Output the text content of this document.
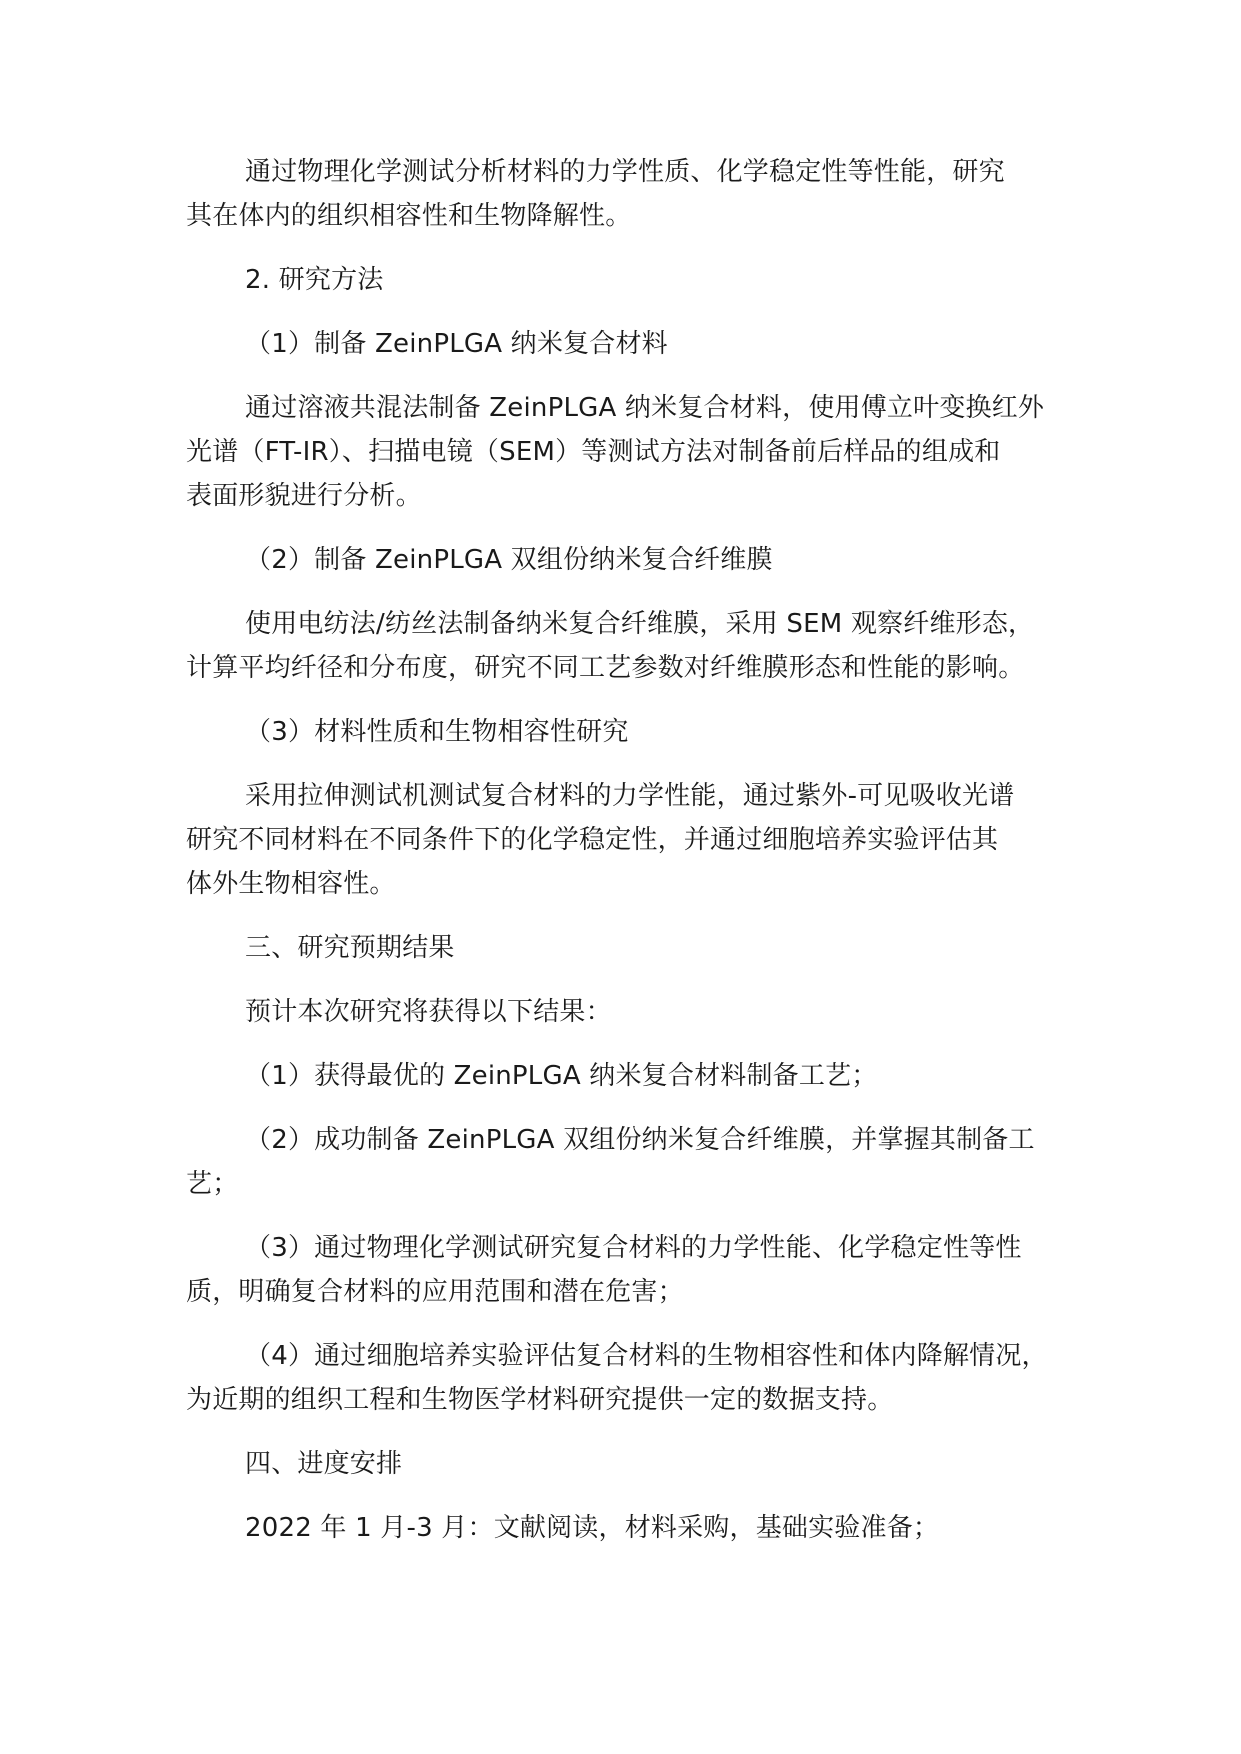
通过物理化学测试分析材料的力学性质、化学稳定性等性能，研究
其在体内的组织相容性和生物降解性。

2. 研究方法

（1）制备 ZeinPLGA 纳米复合材料

通过溶液共混法制备 ZeinPLGA 纳米复合材料，使用傅立叶变换红外
光谱（FT-IR）、扫描电镜（SEM）等测试方法对制备前后样品的组成和
表面形貌进行分析。

（2）制备 ZeinPLGA 双组份纳米复合纤维膜

使用电纺法/纺丝法制备纳米复合纤维膜，采用 SEM 观察纤维形态，
计算平均纤径和分布度，研究不同工艺参数对纤维膜形态和性能的影响。

（3）材料性质和生物相容性研究

采用拉伸测试机测试复合材料的力学性能，通过紫外-可见吸收光谱
研究不同材料在不同条件下的化学稳定性，并通过细胞培养实验评估其
体外生物相容性。

三、研究预期结果

预计本次研究将获得以下结果：

（1）获得最优的 ZeinPLGA 纳米复合材料制备工艺；

（2）成功制备 ZeinPLGA 双组份纳米复合纤维膜，并掌握其制备工
艺；

（3）通过物理化学测试研究复合材料的力学性能、化学稳定性等性
质，明确复合材料的应用范围和潜在危害；

（4）通过细胞培养实验评估复合材料的生物相容性和体内降解情况，
为近期的组织工程和生物医学材料研究提供一定的数据支持。

四、进度安排

2022 年 1 月-3 月：文献阅读，材料采购，基础实验准备；
